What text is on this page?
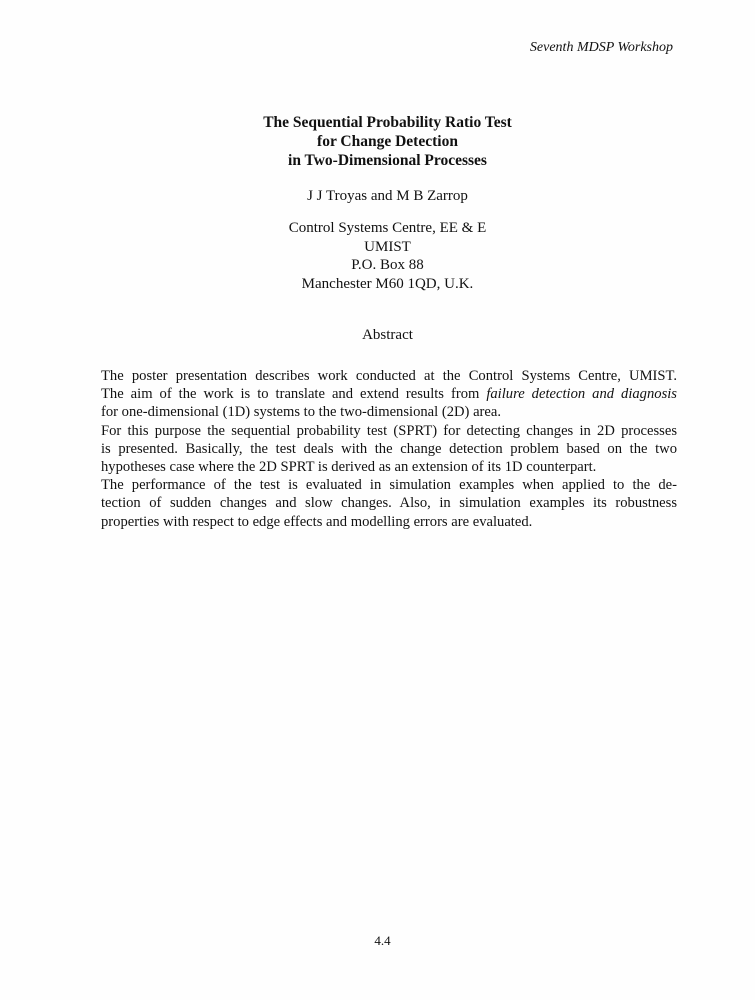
Seventh MDSP Workshop
The Sequential Probability Ratio Test
for Change Detection
in Two-Dimensional Processes
J J Troyas and M B Zarrop
Control Systems Centre, EE & E
UMIST
P.O. Box 88
Manchester M60 1QD, U.K.
Abstract
The poster presentation describes work conducted at the Control Systems Centre, UMIST.
The aim of the work is to translate and extend results from failure detection and diagnosis
for one-dimensional (1D) systems to the two-dimensional (2D) area.
For this purpose the sequential probability test (SPRT) for detecting changes in 2D processes
is presented. Basically, the test deals with the change detection problem based on the two
hypotheses case where the 2D SPRT is derived as an extension of its 1D counterpart.
The performance of the test is evaluated in simulation examples when applied to the de-
tection of sudden changes and slow changes. Also, in simulation examples its robustness
properties with respect to edge effects and modelling errors are evaluated.
4.4
